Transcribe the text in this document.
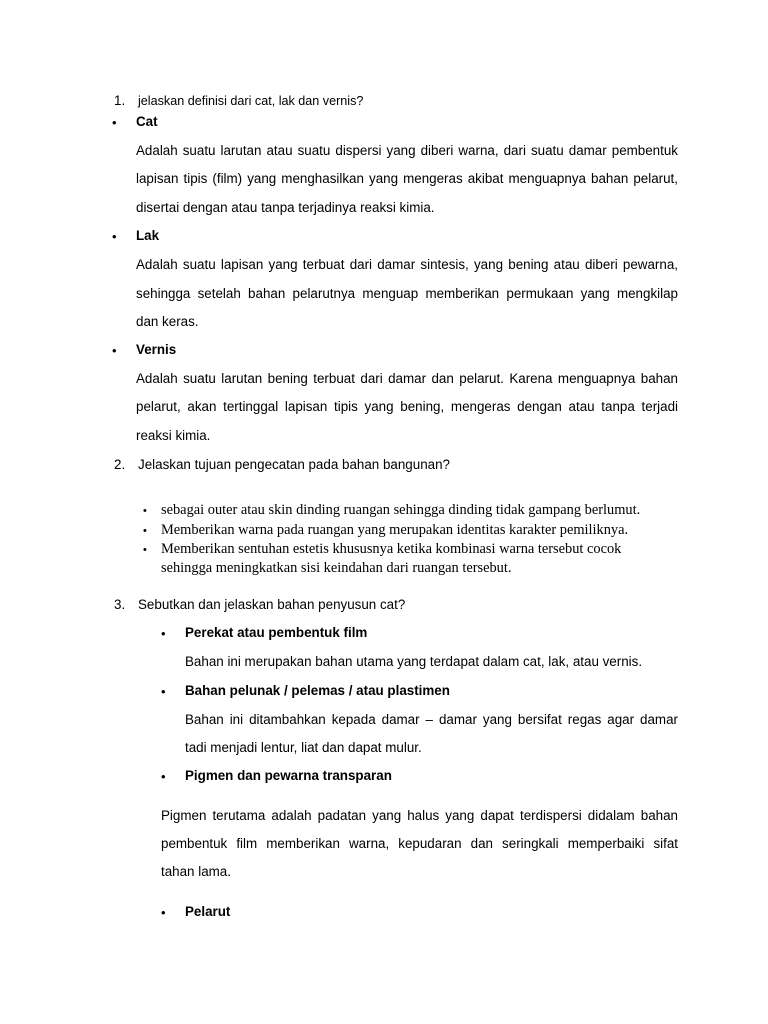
1. jelaskan definisi dari cat, lak dan vernis?
• Cat
Adalah suatu larutan atau suatu dispersi yang diberi warna, dari suatu damar pembentuk
lapisan tipis (film) yang menghasilkan yang mengeras akibat menguapnya bahan pelarut,
disertai dengan atau tanpa terjadinya reaksi kimia.
• Lak
Adalah suatu lapisan yang terbuat dari damar sintesis, yang bening atau diberi pewarna,
sehingga setelah bahan pelarutnya menguap memberikan permukaan yang mengkilap
dan keras.
• Vernis
Adalah suatu larutan bening terbuat dari damar dan pelarut. Karena menguapnya bahan
pelarut, akan tertinggal lapisan tipis yang bening, mengeras dengan atau tanpa terjadi
reaksi kimia.
2. Jelaskan tujuan pengecatan pada bahan bangunan?
• sebagai outer atau skin dinding ruangan sehingga dinding tidak gampang berlumut.
• Memberikan warna pada ruangan yang merupakan identitas karakter pemiliknya.
• Memberikan sentuhan estetis khususnya ketika kombinasi warna tersebut cocok
sehingga meningkatkan sisi keindahan dari ruangan tersebut.
3. Sebutkan dan jelaskan bahan penyusun cat?
• Perekat atau pembentuk film
Bahan ini merupakan bahan utama yang terdapat dalam cat, lak, atau vernis.
• Bahan pelunak / pelemas / atau plastimen
Bahan ini ditambahkan kepada damar – damar yang bersifat regas agar damar
tadi menjadi lentur, liat dan dapat mulur.
• Pigmen dan pewarna transparan
Pigmen terutama adalah padatan yang halus yang dapat terdispersi didalam bahan
pembentuk film memberikan warna, kepudaran dan seringkali memperbaiki sifat
tahan lama.
• Pelarut
